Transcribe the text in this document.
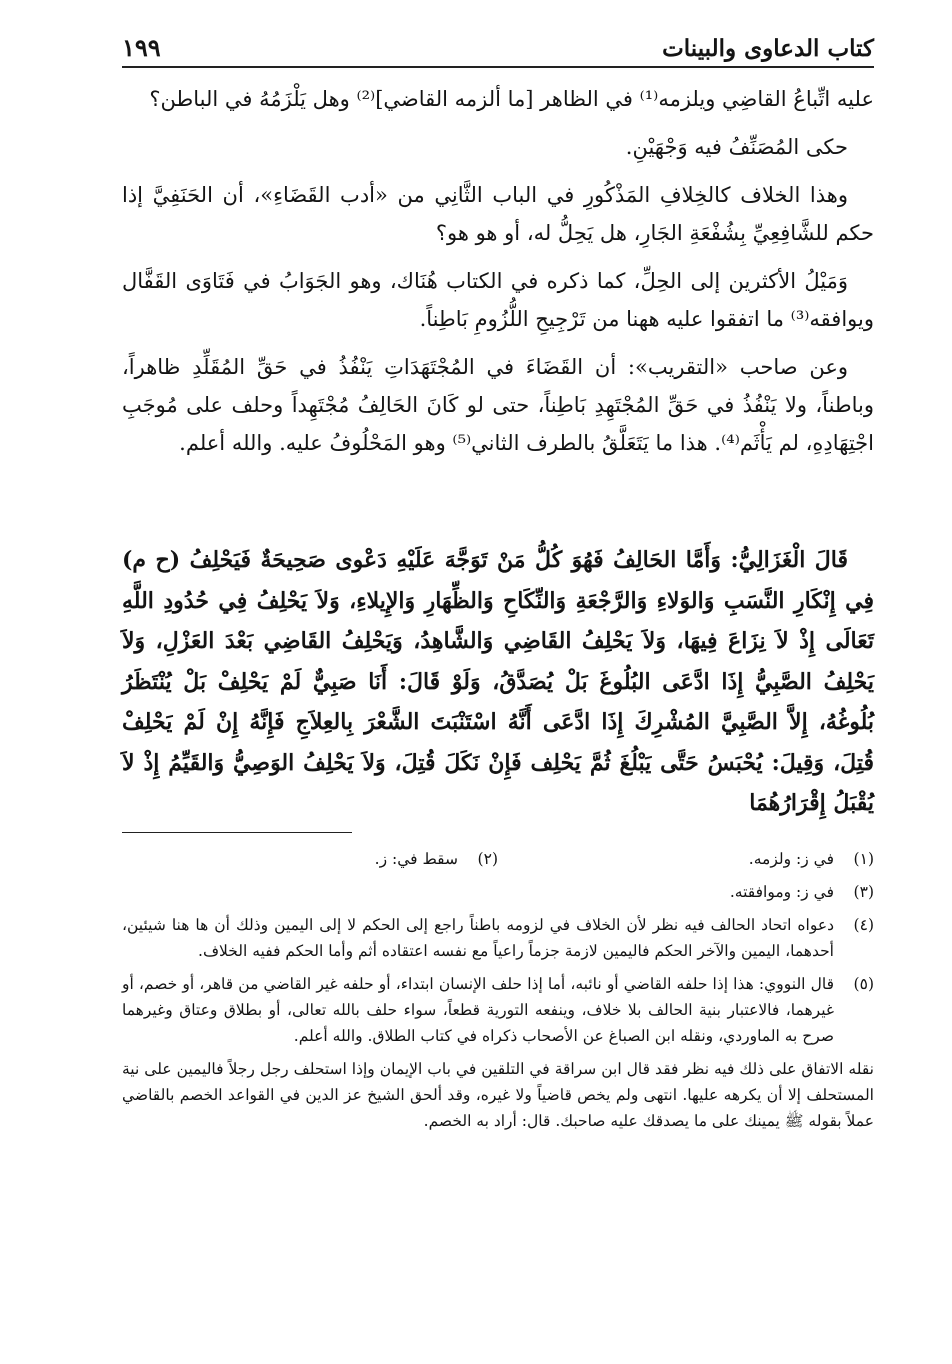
كتاب الدعاوى والبينات
١٩٩

عليه اتِّباعُ القاضِي ويلزمه⁽¹⁾ في الظاهر [ما ألزمه القاضي]⁽²⁾ وهل يَلْزَمُهُ في الباطن؟

حكى المُصَنِّفُ فيه وَجْهَيْنِ.

وهذا الخلاف كالخِلافِ المَذْكُورِ في الباب الثَّانِي من «أدب القَضَاءِ»، أن الحَنَفِيَّ إذا حكم للشَّافِعِيِّ بِشُفْعَةِ الجَارِ، هل يَحِلُّ له، أو هو هو؟

وَمَيْلُ الأكثرين إلى الحِلِّ، كما ذكره في الكتاب هُنَاك، وهو الجَوَابُ في فَتَاوَى القَفَّال ويوافقه⁽³⁾ ما اتفقوا عليه ههنا من تَرْجِيحِ اللُّزُومِ بَاطِناً.

وعن صاحب «التقريب»: أن القَضَاءَ في المُجْتَهَدَاتِ يَنْفُذُ في حَقِّ المُقَلِّدِ ظاهراً، وباطناً، ولا يَنْفُذُ في حَقِّ المُجْتَهِدِ بَاطِناً، حتى لو كَانَ الحَالِفُ مُجْتَهِداً وحلف على مُوجَبِ اجْتِهَادِهِ، لم يَأْثَم⁽⁴⁾. هذا ما يَتَعَلَّقُ بالطرف الثاني⁽⁵⁾ وهو المَحْلُوفُ عليه. والله أعلم.

قَالَ الْغَزَالِيُّ: وَأَمَّا الحَالِفُ فَهُوَ كُلُّ مَنْ تَوَجَّهَ عَلَيْهِ دَعْوى صَحِيحَةٌ فَيَحْلِفُ (ح م) فِي إِنْكَارِ النَّسَبِ وَالوَلاءِ وَالرَّجْعَةِ وَالنِّكَاحِ وَالظِّهَارِ وَالإِيلاءِ، وَلاَ يَحْلِفُ فِي حُدُودِ اللَّهِ تَعَالَى إِذْ لاَ نِزَاعَ فِيهَا، وَلاَ يَحْلِفُ القَاضِي وَالشَّاهِدُ، وَيَحْلِفُ القَاضِي بَعْدَ العَزْلِ، وَلاَ يَحْلِفُ الصَّبِيُّ إِذَا ادَّعَى البُلُوغَ بَلْ يُصَدَّقُ، وَلَوْ قَالَ: أَنَا صَبِيٌّ لَمْ يَحْلِفْ بَلْ يُنْتَظَرُ بُلُوغُهُ، إِلاَّ الصَّبِيَّ المُشْرِكَ إِذَا ادَّعَى أَنَّهُ اسْتَنْبَتَ الشَّعْرَ بِالعِلاَجِ فَإِنَّهُ إِنْ لَمْ يَحْلِفْ قُتِلَ، وَقِيلَ: يُحْبَسُ حَتَّى يَبْلُغَ ثُمَّ يَحْلِف فَإِنْ نَكَلَ قُتِلَ، وَلاَ يَحْلِفُ الوَصِيُّ وَالقَيِّمُ إِذْ لاَ يُقْبَلُ إِقْرَارُهُمَا

(١)
في ز: ولزمه.
(٢)
سقط في: ز.
(٣)
في ز: وموافقته.
(٤)
دعواه اتحاد الحالف فيه نظر لأن الخلاف في لزومه باطناً راجع إلى الحكم لا إلى اليمين وذلك أن ها هنا شيئين، أحدهما، اليمين والآخر الحكم فاليمين لازمة جزماً راعياً مع نفسه اعتقاده أثم وأما الحكم ففيه الخلاف.
(٥)
قال النووي: هذا إذا حلفه القاضي أو نائبه، أما إذا حلف الإنسان ابتداء، أو حلفه غير القاضي من قاهر، أو خصم، أو غيرهما، فالاعتبار بنية الحالف بلا خلاف، وينفعه التورية قطعاً، سواء حلف بالله تعالى، أو بطلاق وعتاق وغيرهما صرح به الماوردي، ونقله ابن الصباغ عن الأصحاب ذكراه في كتاب الطلاق. والله أعلم.
نقله الاتفاق على ذلك فيه نظر فقد قال ابن سراقة في التلقين في باب الإيمان وإذا استحلف رجل رجلاً فاليمين على نية المستحلف إلا أن يكرهه عليها. انتهى ولم يخص قاضياً ولا غيره، وقد ألحق الشيخ عز الدين في القواعد الخصم بالقاضي عملاً بقوله ﷺ يمينك على ما يصدقك عليه صاحبك. قال: أراد به الخصم.
